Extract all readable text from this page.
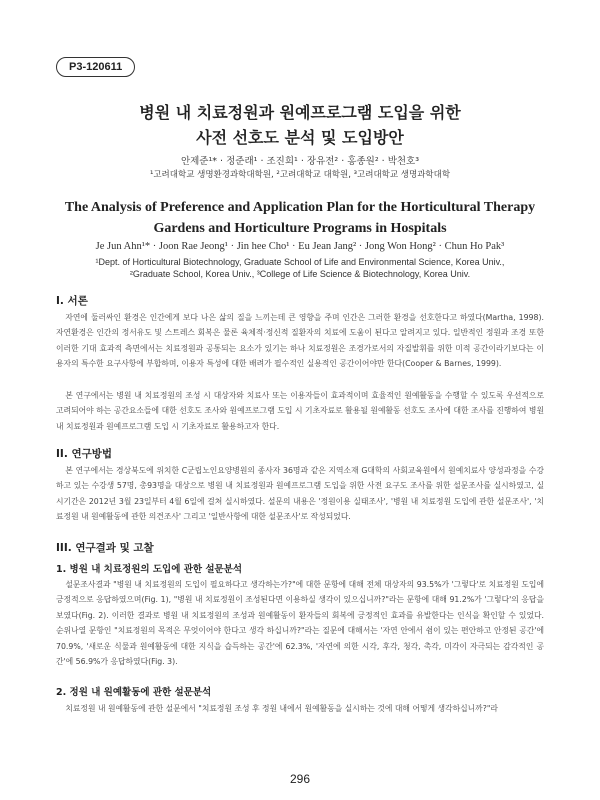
P3-120611
병원 내 치료정원과 원예프로그램 도입을 위한
사전 선호도 분석 및 도입방안
안제준¹* · 정준래¹ · 조진희¹ · 장유전² · 홍종원² · 박천호³
¹고려대학교 생명환경과학대학원, ²고려대학교 대학원, ³고려대학교 생명과학대학
The Analysis of Preference and Application Plan for the Horticultural Therapy
Gardens and Horticulture Programs in Hospitals
Je Jun Ahn¹* · Joon Rae Jeong¹ · Jin hee Cho¹ · Eu Jean Jang² · Jong Won Hong² · Chun Ho Pak³
¹Dept. of Horticultural Biotechnology, Graduate School of Life and Environmental Science, Korea Univ.,
²Graduate School, Korea Univ., ³College of Life Science & Biotechnology, Korea Univ.
I. 서론

자연에 둘러싸인 환경은 인간에게 보다 나은 삶의 질을 느끼는데 큰 영향을 주며 인간은 그러한 환경을 선호한다고 하였다(Martha, 1998). 자연환경은 인간의 정서유도 및 스트레스 회복은 물론 육체적·정신적 질환자의 치료에 도움이 된다고 알려지고 있다. 일반적인 정원과 조경 또한 이러한 기대 효과적 측면에서는 치료정원과 공통되는 요소가 있기는 하나 치료정원은 조경가로서의 자질발휘를 위한 미적 공간이라기보다는 이용자의 특수한 요구사항에 부합하며, 이용자 특성에 대한 배려가 필수적인 실용적인 공간이어야만 한다(Cooper & Barnes, 1999).

본 연구에서는 병원 내 치료정원의 조성 시 대상자와 치료사 또는 이용자들이 효과적이며 효율적인 원예활동을 수행할 수 있도록 우선적으로 고려되어야 하는 공간요소들에 대한 선호도 조사와 원예프로그램 도입 시 기초자료로 활용될 원예활동 선호도 조사에 대한 조사를 진행하여 병원 내 치료정원과 원예프로그램 도입 시 기초자료로 활용하고자 한다.

II. 연구방법

본 연구에서는 경상북도에 위치한 C군립노인요양병원의 종사자 36명과 같은 지역소재 G대학의 사회교육원에서 원예치료사 양성과정을 수강하고 있는 수강생 57명, 총93명을 대상으로 병원 내 치료정원과 원예프로그램 도입을 위한 사전 요구도 조사를 위한 설문조사를 실시하였고, 실시기간은 2012년 3월 23일부터 4월 6일에 걸쳐 실시하였다. 설문의 내용은 '정원이용 실태조사', '병원 내 치료정원 도입에 관한 설문조사', '치료정원 내 원예활동에 관한 의견조사' 그리고 '일반사항에 대한 설문조사'로 작성되었다.

III. 연구결과 및 고찰
1. 병원 내 치료정원의 도입에 관한 설문분석

설문조사결과 "병원 내 치료정원의 도입이 필요하다고 생각하는가?"에 대한 문항에 대해 전체 대상자의 93.5%가 '그렇다'로 치료정원 도입에 긍정적으로 응답하였으며(Fig. 1), "병원 내 치료정원이 조성된다면 이용하실 생각이 있으십니까?"라는 문항에 대해 91.2%가 '그렇다'의 응답을 보였다(Fig. 2). 이러한 결과로 병원 내 치료정원의 조성과 원예활동이 환자들의 회복에 긍정적인 효과를 유발한다는 인식을 확인할 수 있었다. 순위나열 문항인 "치료정원의 목적은 무엇이어야 한다고 생각 하십니까?"라는 질문에 대해서는 '자연 안에서 쉼이 있는 편안하고 안정된 공간'에 70.9%, '새로운 식물과 원예활동에 대한 지식을 습득하는 공간'에 62.3%, '자연에 의한 시각, 후각, 청각, 촉각, 미각이 자극되는 감각적인 공간'에 56.9%가 응답하였다(Fig. 3).

2. 정원 내 원예활동에 관한 설문분석

치료정원 내 원예활동에 관한 설문에서 "치료정원 조성 후 정원 내에서 원예활동을 실시하는 것에 대해 어떻게 생각하십니까?"라

296
